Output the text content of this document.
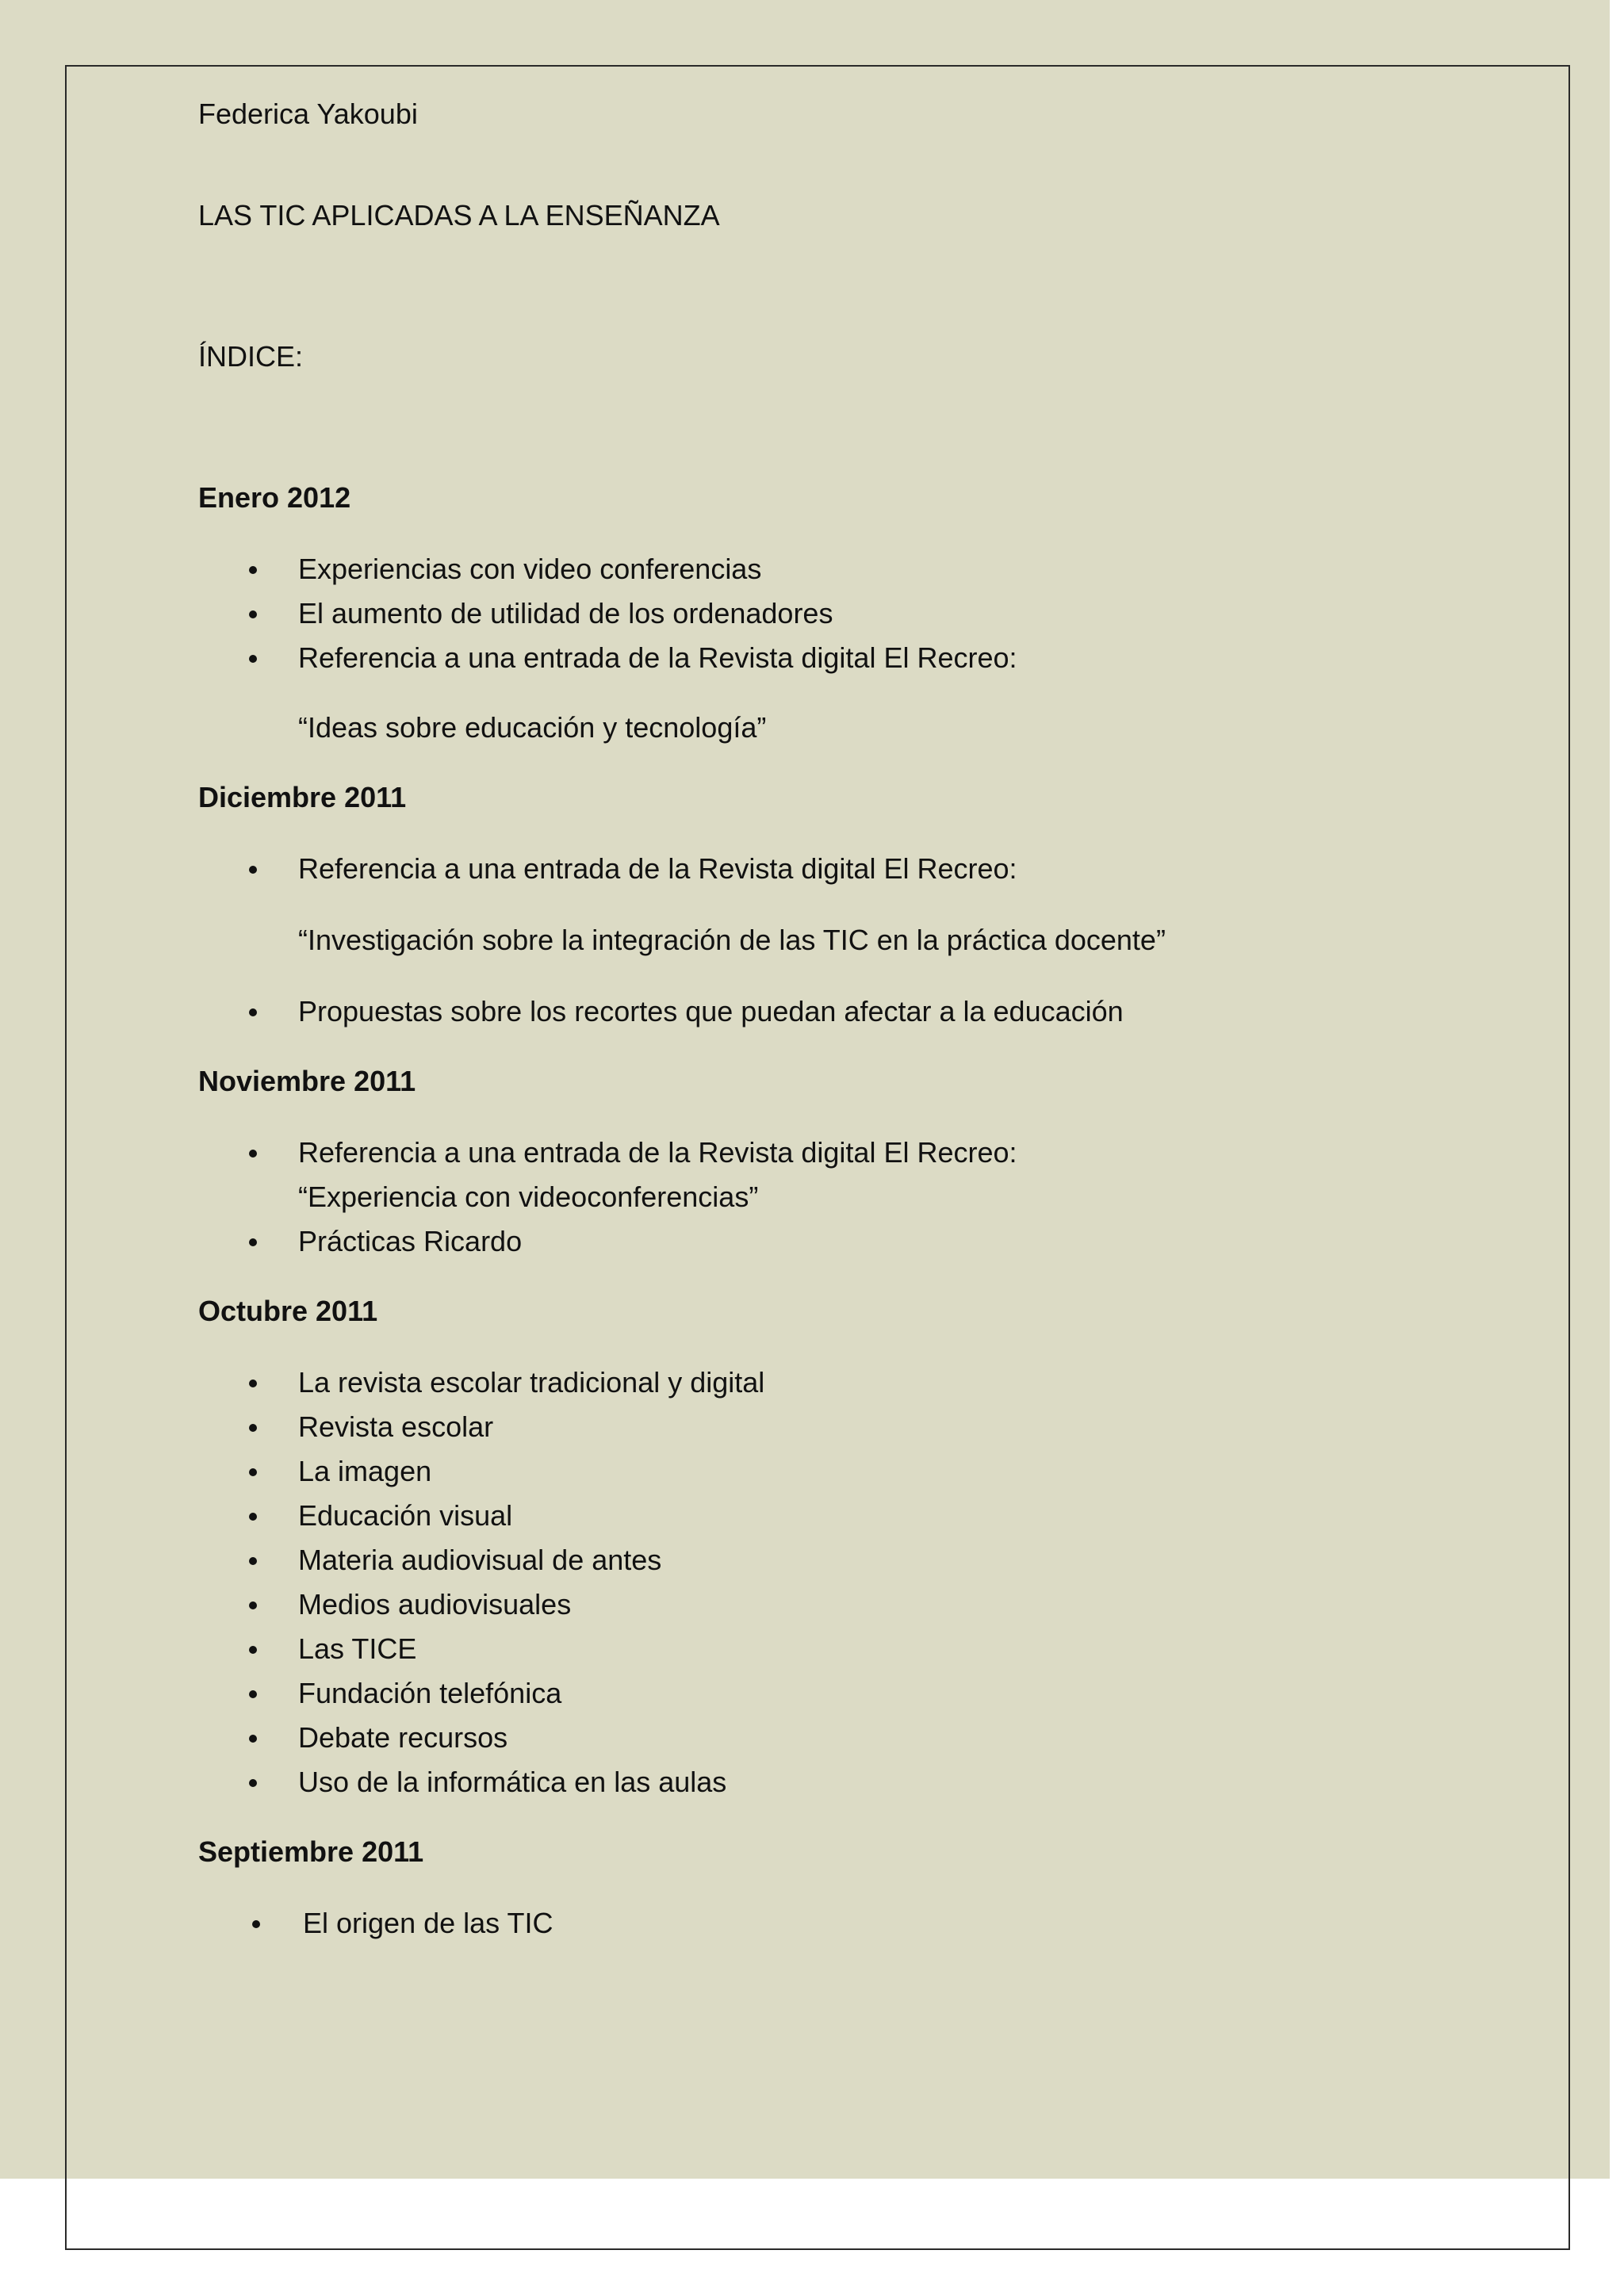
Federica Yakoubi
LAS TIC APLICADAS A LA ENSEÑANZA
ÍNDICE:
Enero 2012
Experiencias con video conferencias
El aumento de utilidad de los ordenadores
Referencia a una entrada de la Revista digital El Recreo:
“Ideas sobre educación y tecnología”
Diciembre 2011
Referencia a una entrada de la Revista digital El Recreo:
“Investigación sobre la integración de las TIC en la práctica docente”
Propuestas sobre los recortes que puedan afectar a la educación
Noviembre 2011
Referencia a una entrada de la Revista digital El Recreo:
“Experiencia con videoconferencias”
Prácticas Ricardo
Octubre 2011
La revista escolar tradicional y digital
Revista escolar
La imagen
Educación visual
Materia audiovisual de antes
Medios audiovisuales
Las TICE
Fundación telefónica
Debate recursos
Uso de la informática en las aulas
Septiembre 2011
El origen de las TIC
